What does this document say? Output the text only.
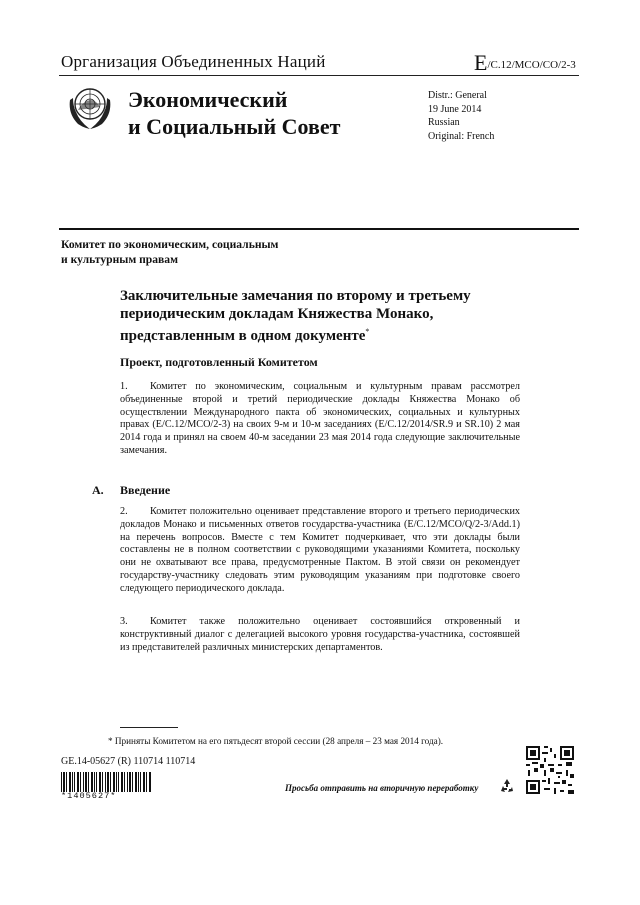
Организация Объединенных Наций	E/C.12/MCO/CO/2-3
Экономический
и Социальный Совет
Distr.: General
19 June 2014
Russian
Original: French
Комитет по экономическим, социальным
и культурным правам
Заключительные замечания по второму и третьему
периодическим докладам Княжества Монако,
представленным в одном документе*
Проект, подготовленный Комитетом
1. Комитет по экономическим, социальным и культурным правам рассмотрел объединенные второй и третий периодические доклады Княжества Монако об осуществлении Международного пакта об экономических, социальных и культурных правах (E/C.12/MCO/2-3) на своих 9-м и 10-м заседаниях (E/C.12/2014/SR.9 и SR.10) 2 мая 2014 года и принял на своем 40-м заседании 23 мая 2014 года следующие заключительные замечания.
A. Введение
2. Комитет положительно оценивает представление второго и третьего периодических докладов Монако и письменных ответов государства-участника (E/C.12/MCO/Q/2-3/Add.1) на перечень вопросов. Вместе с тем Комитет подчеркивает, что эти доклады были составлены не в полном соответствии с руководящими указаниями Комитета, поскольку они не охватывают все права, предусмотренные Пактом. В этой связи он рекомендует государству-участнику следовать этим руководящим указаниям при подготовке своего следующего периодического доклада.
3. Комитет также положительно оценивает состоявшийся откровенный и конструктивный диалог с делегацией высокого уровня государства-участника, состоявшей из представителей различных министерских департаментов.
* Приняты Комитетом на его пятьдесят второй сессии (28 апреля – 23 мая 2014 года).
GE.14-05627 (R) 110714 110714
*1405627*
Просьба отправить на вторичную переработку
